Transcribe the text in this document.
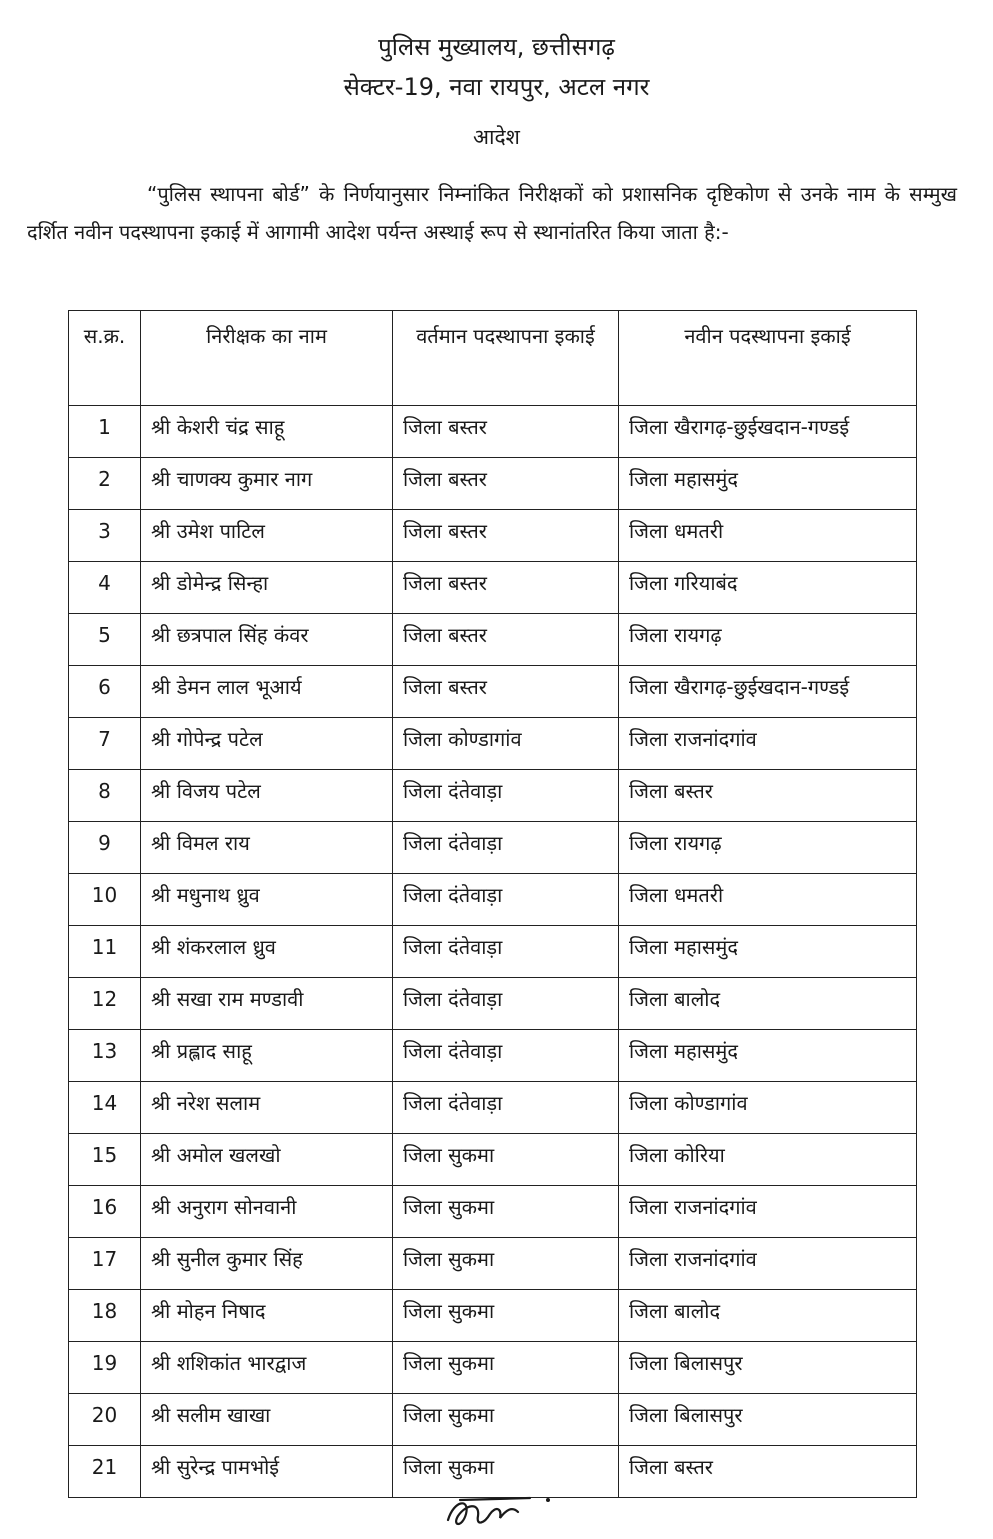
पुलिस मुख्यालय, छत्तीसगढ़
सेक्टर-19, नवा रायपुर, अटल नगर
आदेश
“पुलिस स्थापना बोर्ड” के निर्णयानुसार निम्नांकित निरीक्षकों को प्रशासनिक दृष्टिकोण से उनके नाम के सम्मुख दर्शित नवीन पदस्थापना इकाई में आगामी आदेश पर्यन्त अस्थाई रूप से स्थानांतरित किया जाता है:-
स.क्र.	निरीक्षक का नाम	वर्तमान पदस्थापना इकाई	नवीन पदस्थापना इकाई
1	श्री केशरी चंद्र साहू	जिला बस्तर	जिला खैरागढ़-छुईखदान-गण्डई
2	श्री चाणक्य कुमार नाग	जिला बस्तर	जिला महासमुंद
3	श्री उमेश पाटिल	जिला बस्तर	जिला धमतरी
4	श्री डोमेन्द्र सिन्हा	जिला बस्तर	जिला गरियाबंद
5	श्री छत्रपाल सिंह कंवर	जिला बस्तर	जिला रायगढ़
6	श्री डेमन लाल भूआर्य	जिला बस्तर	जिला खैरागढ़-छुईखदान-गण्डई
7	श्री गोपेन्द्र पटेल	जिला कोण्डागांव	जिला राजनांदगांव
8	श्री विजय पटेल	जिला दंतेवाड़ा	जिला बस्तर
9	श्री विमल राय	जिला दंतेवाड़ा	जिला रायगढ़
10	श्री मधुनाथ ध्रुव	जिला दंतेवाड़ा	जिला धमतरी
11	श्री शंकरलाल ध्रुव	जिला दंतेवाड़ा	जिला महासमुंद
12	श्री सखा राम मण्डावी	जिला दंतेवाड़ा	जिला बालोद
13	श्री प्रह्लाद साहू	जिला दंतेवाड़ा	जिला महासमुंद
14	श्री नरेश सलाम	जिला दंतेवाड़ा	जिला कोण्डागांव
15	श्री अमोल खलखो	जिला सुकमा	जिला कोरिया
16	श्री अनुराग सोनवानी	जिला सुकमा	जिला राजनांदगांव
17	श्री सुनील कुमार सिंह	जिला सुकमा	जिला राजनांदगांव
18	श्री मोहन निषाद	जिला सुकमा	जिला बालोद
19	श्री शशिकांत भारद्वाज	जिला सुकमा	जिला बिलासपुर
20	श्री सलीम खाखा	जिला सुकमा	जिला बिलासपुर
21	श्री सुरेन्द्र पामभोई	जिला सुकमा	जिला बस्तर
